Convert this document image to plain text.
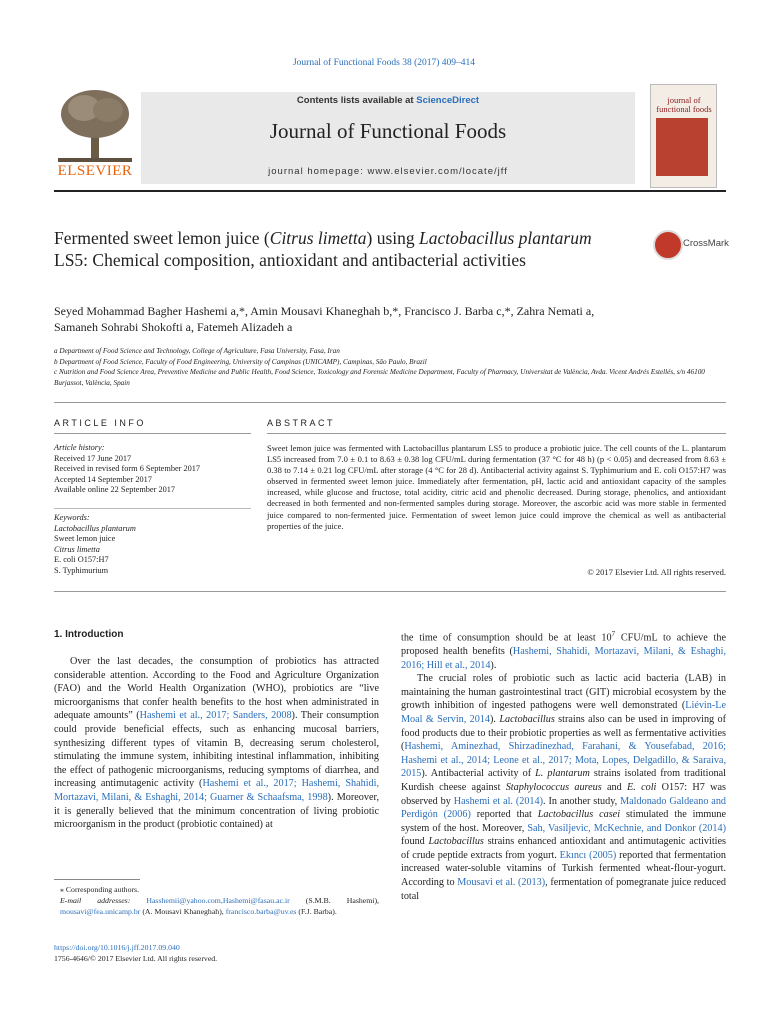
Journal of Functional Foods 38 (2017) 409–414
ELSEVIER
Contents lists available at ScienceDirect
Journal of Functional Foods
journal homepage: www.elsevier.com/locate/jff
journal of functional foods
Fermented sweet lemon juice (Citrus limetta) using Lactobacillus plantarum LS5: Chemical composition, antioxidant and antibacterial activities
CrossMark
Seyed Mohammad Bagher Hashemi a,*, Amin Mousavi Khaneghah b,*, Francisco J. Barba c,*, Zahra Nemati a,
Samaneh Sohrabi Shokofti a, Fatemeh Alizadeh a
a Department of Food Science and Technology, College of Agriculture, Fasa University, Fasa, Iran
b Department of Food Science, Faculty of Food Engineering, University of Campinas (UNICAMP), Campinas, São Paulo, Brazil
c Nutrition and Food Science Area, Preventive Medicine and Public Health, Food Science, Toxicology and Forensic Medicine Department, Faculty of Pharmacy, Universitat de València, Avda. Vicent Andrés Estellés, s/n 46100 Burjassot, València, Spain
ARTICLE INFO
Article history:
Received 17 June 2017
Received in revised form 6 September 2017
Accepted 14 September 2017
Available online 22 September 2017
Keywords:
Lactobacillus plantarum
Sweet lemon juice
Citrus limetta
E. coli O157:H7
S. Typhimurium
ABSTRACT
Sweet lemon juice was fermented with Lactobacillus plantarum LS5 to produce a probiotic juice. The cell counts of the L. plantarum LS5 increased from 7.0 ± 0.1 to 8.63 ± 0.38 log CFU/mL during fermentation (37 °C for 48 h) (p < 0.05) and decreased from 8.63 ± 0.38 to 7.14 ± 0.21 log CFU/mL after storage (4 °C for 28 d). Antibacterial activity against S. Typhimurium and E. coli O157:H7 was observed in fermented sweet lemon juice. Immediately after fermentation, pH, lactic acid and antioxidant capacity of the samples increased, while glucose and fructose, total acidity, citric acid and phenolic decreased. During storage, phenolics, and antioxidant decreased in both fermented and non-fermented samples during storage. Moreover, the ascorbic acid was more stable in fermented juice compared to non-fermented juice. Fermentation of sweet lemon juice could improve the chemical as well as antibacterial properties of the juice.
© 2017 Elsevier Ltd. All rights reserved.
1. Introduction

Over the last decades, the consumption of probiotics has attracted considerable attention. According to the Food and Agriculture Organization (FAO) and the World Health Organization (WHO), probiotics are “live microorganisms that confer health benefits to the host when administrated in adequate amounts” (Hashemi et al., 2017; Sanders, 2008). Their consumption could provide beneficial effects, such as enhancing mucosal barriers, synthesizing different types of vitamin B, decreasing serum cholesterol, stimulating the immune system, inhibiting intestinal inflammation, inhibiting the effect of pathogenic microorganisms, reducing symptoms of diarrhea, and increasing antimutagenic activity (Hashemi et al., 2017; Hashemi, Shahidi, Mortazavi, Milani, & Eshaghi, 2014; Guarner & Schaafsma, 1998). Moreover, it is generally believed that the minimum concentration of living probiotic microorganism in the product (probiotic contained) at

the time of consumption should be at least $10^7$ CFU/mL to achieve the proposed health benefits (Hashemi, Shahidi, Mortazavi, Milani, & Eshaghi, 2016; Hill et al., 2014).

The crucial roles of probiotic such as lactic acid bacteria (LAB) in maintaining the human gastrointestinal tract (GIT) microbial ecosystem by the growth inhibition of ingested pathogens were well demonstrated (Liévin-Le Moal & Servin, 2014). Lactobacillus strains also can be used in improving of food products due to their probiotic properties as well as fermentative activities (Hashemi, Aminezhad, Shirzadinezhad, Farahani, & Yousefabad, 2016; Hashemi et al., 2014; Leone et al., 2017; Mota, Lopes, Delgadillo, & Saraiva, 2015). Antibacterial activity of L. plantarum strains isolated from traditional Kurdish cheese against Staphylococcus aureus and E. coli O157: H7 was observed by Hashemi et al. (2014). In another study, Maldonado Galdeano and Perdigón (2006) reported that Lactobacillus casei stimulated the immune system of the host. Moreover, Sah, Vasiljevic, McKechnie, and Donkor (2014) found Lactobacillus strains enhanced antioxidant and antimutagenic activities of crude peptide extracts from yogurt. Ekıncı (2005) reported that fermentation increased water-soluble vitamins of Turkish fermented wheat-flour-yogurt. According to Mousavi et al. (2013), fermentation of pomegranate juice reduced total

⁎ Corresponding authors.
E-mail addresses: Hasshemii@yahoo.com,Hashemi@fasau.ac.ir (S.M.B. Hashemi), mousavi@fea.unicamp.br (A. Mousavi Khaneghah), francisco.barba@uv.es (F.J. Barba).
https://doi.org/10.1016/j.jff.2017.09.040
1756-4646/© 2017 Elsevier Ltd. All rights reserved.
